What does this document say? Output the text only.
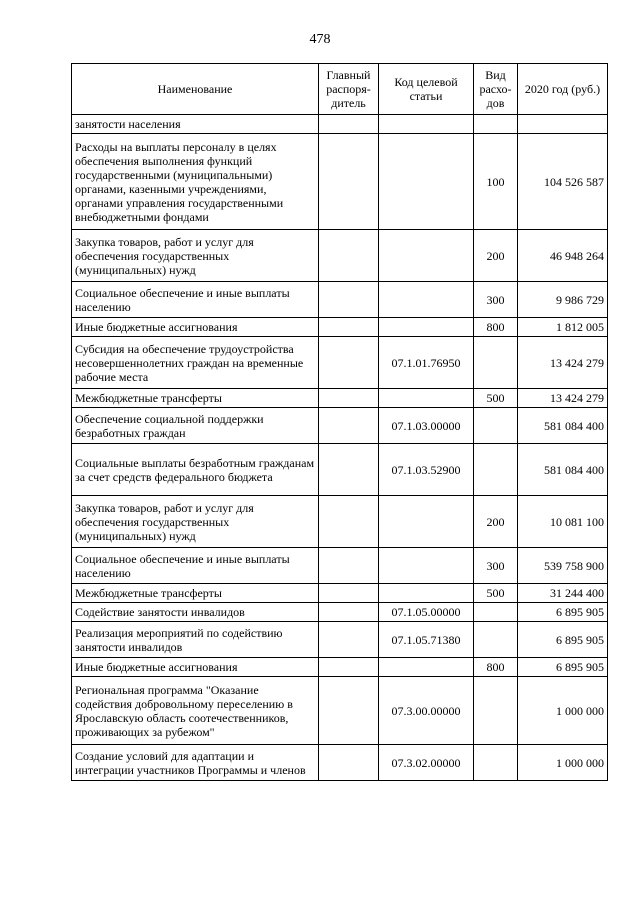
478
Наименование	Главный распоря-дитель	Код целевой статьи	Вид расхо-дов	2020 год (руб.)
занятости населения				
Расходы на выплаты персоналу в целях обеспечения выполнения функций государственными (муниципальными) органами, казенными учреждениями, органами управления государственными внебюджетными фондами			100	104 526 587
Закупка товаров, работ и услуг для обеспечения государственных (муниципальных) нужд			200	46 948 264
Социальное обеспечение и иные выплаты населению			300	9 986 729
Иные бюджетные ассигнования			800	1 812 005
Субсидия на обеспечение трудоустройства несовершеннолетних граждан на временные рабочие места		07.1.01.76950		13 424 279
Межбюджетные трансферты			500	13 424 279
Обеспечение социальной поддержки безработных граждан		07.1.03.00000		581 084 400
Социальные выплаты безработным гражданам за счет средств федерального бюджета		07.1.03.52900		581 084 400
Закупка товаров, работ и услуг для обеспечения государственных (муниципальных) нужд			200	10 081 100
Социальное обеспечение и иные выплаты населению			300	539 758 900
Межбюджетные трансферты			500	31 244 400
Содействие занятости инвалидов		07.1.05.00000		6 895 905
Реализация мероприятий по содействию занятости инвалидов		07.1.05.71380		6 895 905
Иные бюджетные ассигнования			800	6 895 905
Региональная программа "Оказание содействия добровольному переселению в Ярославскую область соотечественников, проживающих за рубежом"		07.3.00.00000		1 000 000
Создание условий для адаптации и интеграции участников Программы и членов		07.3.02.00000		1 000 000
